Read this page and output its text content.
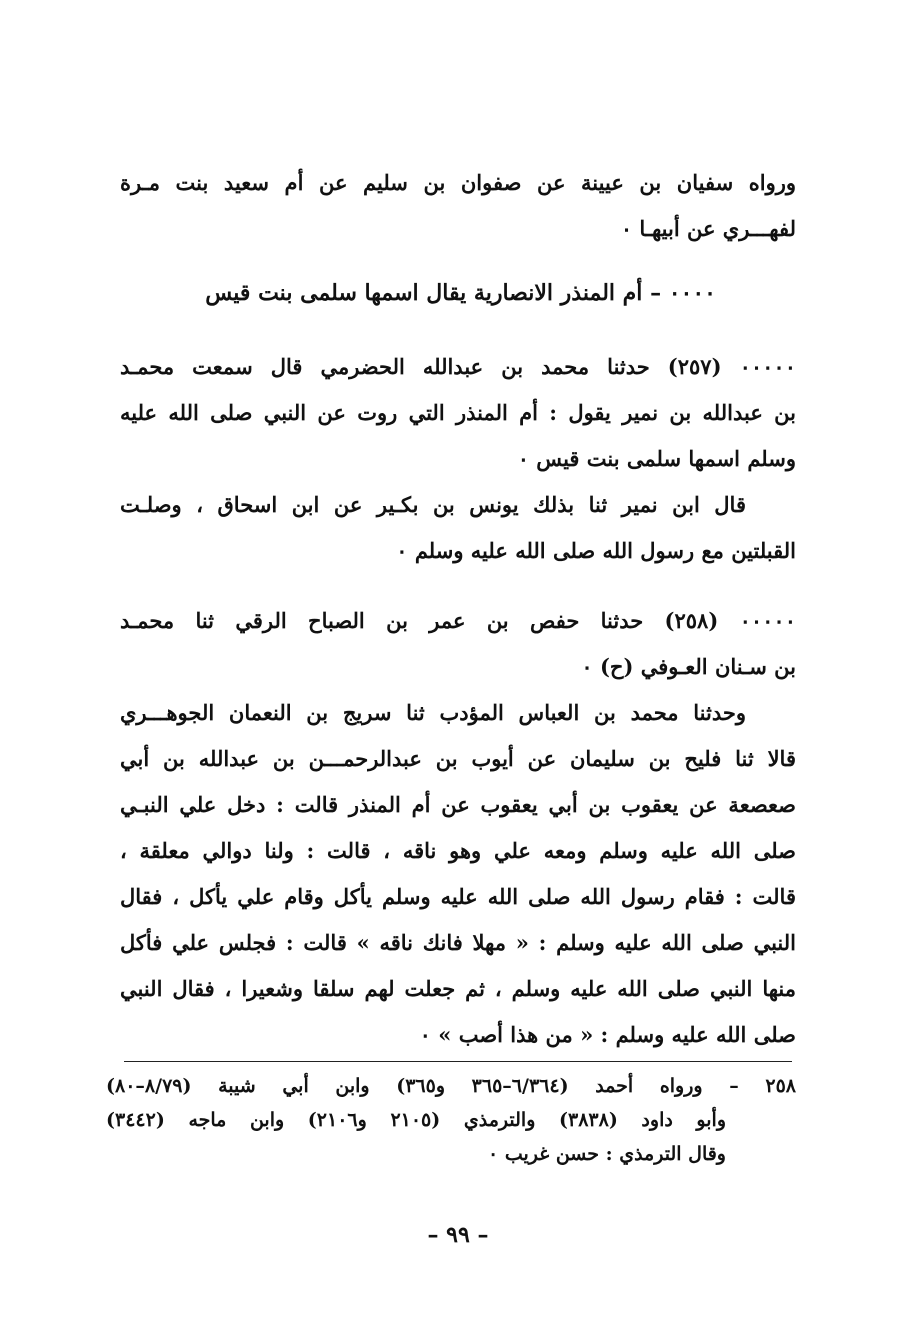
ورواه سفيان بن عيينة عن صفوان بن سليم عن أم سعيد بنت مـرة
لفهـــري عن أبيهـا ٠
٠٠٠٠ – أم المنذر الانصارية يقال اسمها سلمى بنت قيس
٠٠٠٠٠ (٢٥٧) حدثنا محمد بن عبدالله الحضرمي قال سمعت محمـد
بن عبدالله بن نمير يقول : أم المنذر التي روت عن النبي صلى الله عليه
وسلم اسمها سلمى بنت قيس ٠
قال ابن نمير ثنا بذلك يونس بن بكـير عن ابن اسحاق ، وصلـت
القبلتين مع رسول الله صلى الله عليه وسلم ٠
٠٠٠٠٠ (٢٥٨) حدثنا حفص بن عمر بن الصباح الرقي ثنا محمـد
بن سـنان العـوفي (ح) ٠
وحدثنا محمد بن العباس المؤدب ثنا سريج بن النعمان الجوهـــري
قالا ثنا فليح بن سليمان عن أيوب بن عبدالرحمـــن بن عبدالله بن أبي
صعصعة عن يعقوب بن أبي يعقوب عن أم المنذر قالت : دخل علي النبـي
صلى الله عليه وسلم ومعه علي وهو ناقه ، قالت : ولنا دوالي معلقة ،
قالت : فقام رسول الله صلى الله عليه وسلم يأكل وقام علي يأكل ، فقال
النبي صلى الله عليه وسلم : « مهلا فانك ناقه » قالت : فجلس علي فأكل
منها النبي صلى الله عليه وسلم ، ثم جعلت لهم سلقا وشعيرا ، فقال النبي
صلى الله عليه وسلم : « من هذا أصب » ٠
٢٥٨ – ورواه أحمد (٦/٣٦٤–٣٦٥ و٣٦٥) وابن أبي شيبة (٨/٧٩–٨٠)
وأبو داود (٣٨٣٨) والترمذي (٢١٠٥ و٢١٠٦) وابن ماجه (٣٤٤٢)
وقال الترمذي : حسن غريب ٠
– ٩٩ –
